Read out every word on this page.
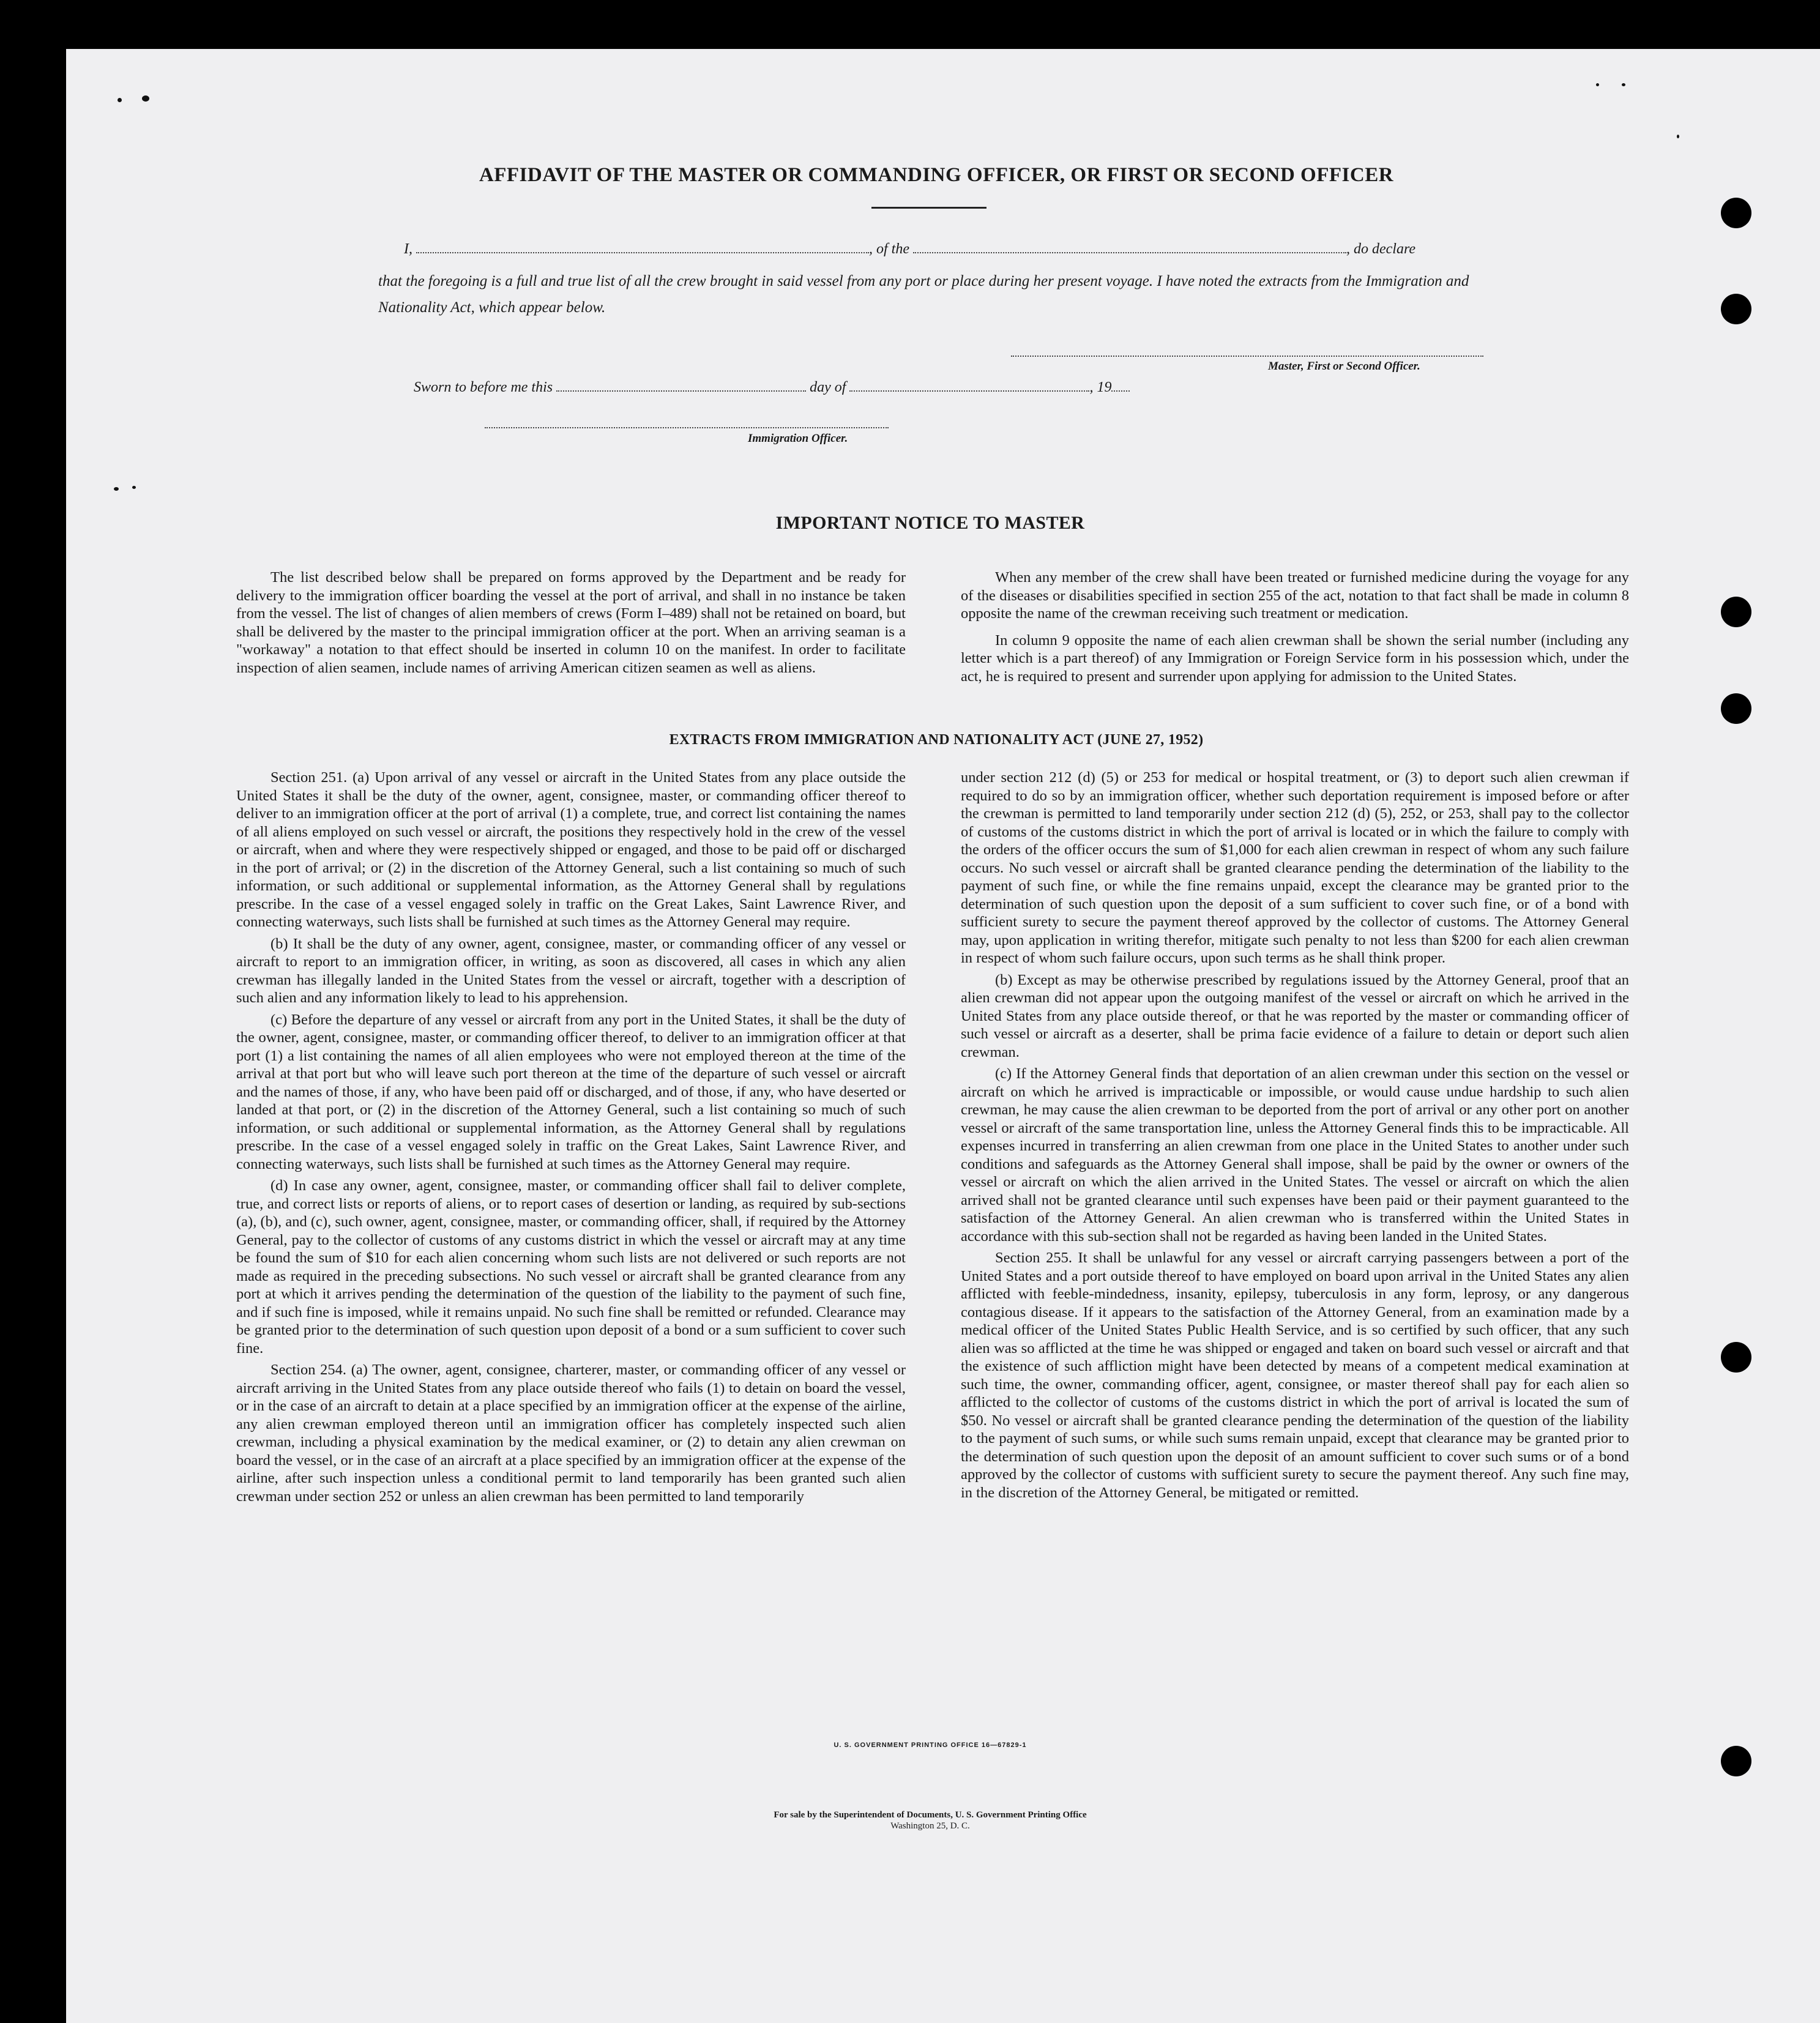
AFFIDAVIT OF THE MASTER OR COMMANDING OFFICER, OR FIRST OR SECOND OFFICER
I,	, of the	, do declare
that the foregoing is a full and true list of all the crew brought in said vessel from any port or place during her present voyage. I have noted the extracts from the Immigration and Nationality Act, which appear below.
Master, First or Second Officer.
Sworn to before me this	day of	, 19
Immigration Officer.
IMPORTANT NOTICE TO MASTER

The list described below shall be prepared on forms approved by the Department and be ready for delivery to the immigration officer boarding the vessel at the port of arrival, and shall in no instance be taken from the vessel. The list of changes of alien members of crews (Form I–489) shall not be retained on board, but shall be delivered by the master to the principal immigration officer at the port. When an arriving seaman is a "workaway" a notation to that effect should be inserted in column 10 on the manifest. In order to facilitate inspection of alien seamen, include names of arriving American citizen seamen as well as aliens.

When any member of the crew shall have been treated or furnished medicine during the voyage for any of the diseases or disabilities specified in section 255 of the act, notation to that fact shall be made in column 8 opposite the name of the crewman receiving such treatment or medication.

In column 9 opposite the name of each alien crewman shall be shown the serial number (including any letter which is a part thereof) of any Immigration or Foreign Service form in his possession which, under the act, he is required to present and surrender upon applying for admission to the United States.

EXTRACTS FROM IMMIGRATION AND NATIONALITY ACT (JUNE 27, 1952)

Section 251. (a) Upon arrival of any vessel or aircraft in the United States from any place outside the United States it shall be the duty of the owner, agent, consignee, master, or commanding officer thereof to deliver to an immigration officer at the port of arrival (1) a complete, true, and correct list containing the names of all aliens employed on such vessel or aircraft, the positions they respectively hold in the crew of the vessel or aircraft, when and where they were respectively shipped or engaged, and those to be paid off or discharged in the port of arrival; or (2) in the discretion of the Attorney General, such a list containing so much of such information, or such additional or supplemental information, as the Attorney General shall by regulations prescribe. In the case of a vessel engaged solely in traffic on the Great Lakes, Saint Lawrence River, and connecting waterways, such lists shall be furnished at such times as the Attorney General may require.

(b) It shall be the duty of any owner, agent, consignee, master, or commanding officer of any vessel or aircraft to report to an immigration officer, in writing, as soon as discovered, all cases in which any alien crewman has illegally landed in the United States from the vessel or aircraft, together with a description of such alien and any information likely to lead to his apprehension.

(c) Before the departure of any vessel or aircraft from any port in the United States, it shall be the duty of the owner, agent, consignee, master, or commanding officer thereof, to deliver to an immigration officer at that port (1) a list containing the names of all alien employees who were not employed thereon at the time of the arrival at that port but who will leave such port thereon at the time of the departure of such vessel or aircraft and the names of those, if any, who have been paid off or discharged, and of those, if any, who have deserted or landed at that port, or (2) in the discretion of the Attorney General, such a list containing so much of such information, or such additional or supplemental information, as the Attorney General shall by regulations prescribe. In the case of a vessel engaged solely in traffic on the Great Lakes, Saint Lawrence River, and connecting waterways, such lists shall be furnished at such times as the Attorney General may require.

(d) In case any owner, agent, consignee, master, or commanding officer shall fail to deliver complete, true, and correct lists or reports of aliens, or to report cases of desertion or landing, as required by sub-sections (a), (b), and (c), such owner, agent, consignee, master, or commanding officer, shall, if required by the Attorney General, pay to the collector of customs of any customs district in which the vessel or aircraft may at any time be found the sum of $10 for each alien concerning whom such lists are not delivered or such reports are not made as required in the preceding subsections. No such vessel or aircraft shall be granted clearance from any port at which it arrives pending the determination of the question of the liability to the payment of such fine, and if such fine is imposed, while it remains unpaid. No such fine shall be remitted or refunded. Clearance may be granted prior to the determination of such question upon deposit of a bond or a sum sufficient to cover such fine.

Section 254. (a) The owner, agent, consignee, charterer, master, or commanding officer of any vessel or aircraft arriving in the United States from any place outside thereof who fails (1) to detain on board the vessel, or in the case of an aircraft to detain at a place specified by an immigration officer at the expense of the airline, any alien crewman employed thereon until an immigration officer has completely inspected such alien crewman, including a physical examination by the medical examiner, or (2) to detain any alien crewman on board the vessel, or in the case of an aircraft at a place specified by an immigration officer at the expense of the airline, after such inspection unless a conditional permit to land temporarily has been granted such alien crewman under section 252 or unless an alien crewman has been permitted to land temporarily

under section 212 (d) (5) or 253 for medical or hospital treatment, or (3) to deport such alien crewman if required to do so by an immigration officer, whether such deportation requirement is imposed before or after the crewman is permitted to land temporarily under section 212 (d) (5), 252, or 253, shall pay to the collector of customs of the customs district in which the port of arrival is located or in which the failure to comply with the orders of the officer occurs the sum of $1,000 for each alien crewman in respect of whom any such failure occurs. No such vessel or aircraft shall be granted clearance pending the determination of the liability to the payment of such fine, or while the fine remains unpaid, except the clearance may be granted prior to the determination of such question upon the deposit of a sum sufficient to cover such fine, or of a bond with sufficient surety to secure the payment thereof approved by the collector of customs. The Attorney General may, upon application in writing therefor, mitigate such penalty to not less than $200 for each alien crewman in respect of whom such failure occurs, upon such terms as he shall think proper.

(b) Except as may be otherwise prescribed by regulations issued by the Attorney General, proof that an alien crewman did not appear upon the outgoing manifest of the vessel or aircraft on which he arrived in the United States from any place outside thereof, or that he was reported by the master or commanding officer of such vessel or aircraft as a deserter, shall be prima facie evidence of a failure to detain or deport such alien crewman.

(c) If the Attorney General finds that deportation of an alien crewman under this section on the vessel or aircraft on which he arrived is impracticable or impossible, or would cause undue hardship to such alien crewman, he may cause the alien crewman to be deported from the port of arrival or any other port on another vessel or aircraft of the same transportation line, unless the Attorney General finds this to be impracticable. All expenses incurred in transferring an alien crewman from one place in the United States to another under such conditions and safeguards as the Attorney General shall impose, shall be paid by the owner or owners of the vessel or aircraft on which the alien arrived in the United States. The vessel or aircraft on which the alien arrived shall not be granted clearance until such expenses have been paid or their payment guaranteed to the satisfaction of the Attorney General. An alien crewman who is transferred within the United States in accordance with this sub-section shall not be regarded as having been landed in the United States.

Section 255. It shall be unlawful for any vessel or aircraft carrying passengers between a port of the United States and a port outside thereof to have employed on board upon arrival in the United States any alien afflicted with feeble-mindedness, insanity, epilepsy, tuberculosis in any form, leprosy, or any dangerous contagious disease. If it appears to the satisfaction of the Attorney General, from an examination made by a medical officer of the United States Public Health Service, and is so certified by such officer, that any such alien was so afflicted at the time he was shipped or engaged and taken on board such vessel or aircraft and that the existence of such affliction might have been detected by means of a competent medical examination at such time, the owner, commanding officer, agent, consignee, or master thereof shall pay for each alien so afflicted to the collector of customs of the customs district in which the port of arrival is located the sum of $50. No vessel or aircraft shall be granted clearance pending the determination of the question of the liability to the payment of such sums, or while such sums remain unpaid, except that clearance may be granted prior to the determination of such question upon the deposit of an amount sufficient to cover such sums or of a bond approved by the collector of customs with sufficient surety to secure the payment thereof. Any such fine may, in the discretion of the Attorney General, be mitigated or remitted.

U. S. GOVERNMENT PRINTING OFFICE 16—67829-1
For sale by the Superintendent of Documents, U. S. Government Printing Office
Washington 25, D. C.
